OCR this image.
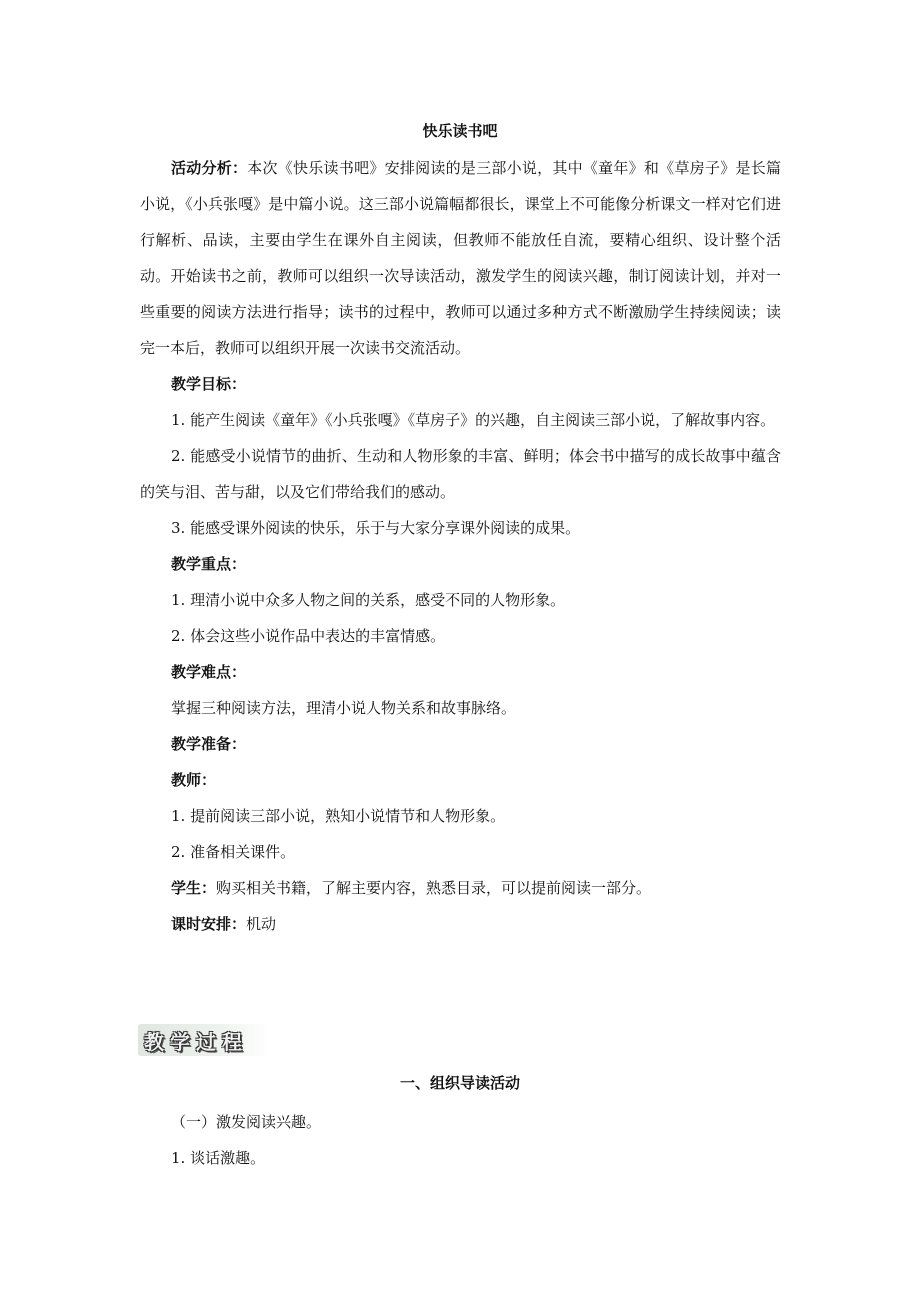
快乐读书吧

活动分析：本次《快乐读书吧》安排阅读的是三部小说，其中《童年》和《草房子》是长篇小说，《小兵张嘎》是中篇小说。这三部小说篇幅都很长，课堂上不可能像分析课文一样对它们进行解析、品读，主要由学生在课外自主阅读，但教师不能放任自流，要精心组织、设计整个活动。开始读书之前，教师可以组织一次导读活动，激发学生的阅读兴趣，制订阅读计划，并对一些重要的阅读方法进行指导；读书的过程中，教师可以通过多种方式不断激励学生持续阅读；读完一本后，教师可以组织开展一次读书交流活动。

教学目标：

1. 能产生阅读《童年》《小兵张嘎》《草房子》的兴趣，自主阅读三部小说，了解故事内容。

2. 能感受小说情节的曲折、生动和人物形象的丰富、鲜明；体会书中描写的成长故事中蕴含的笑与泪、苦与甜，以及它们带给我们的感动。

3. 能感受课外阅读的快乐，乐于与大家分享课外阅读的成果。

教学重点：

1. 理清小说中众多人物之间的关系，感受不同的人物形象。

2. 体会这些小说作品中表达的丰富情感。

教学难点：

掌握三种阅读方法，理清小说人物关系和故事脉络。

教学准备：

教师：

1. 提前阅读三部小说，熟知小说情节和人物形象。

2. 准备相关课件。

学生：购买相关书籍，了解主要内容，熟悉目录，可以提前阅读一部分。

课时安排：机动

教学过程
一、组织导读活动

（一）激发阅读兴趣。

1. 谈话激趣。
